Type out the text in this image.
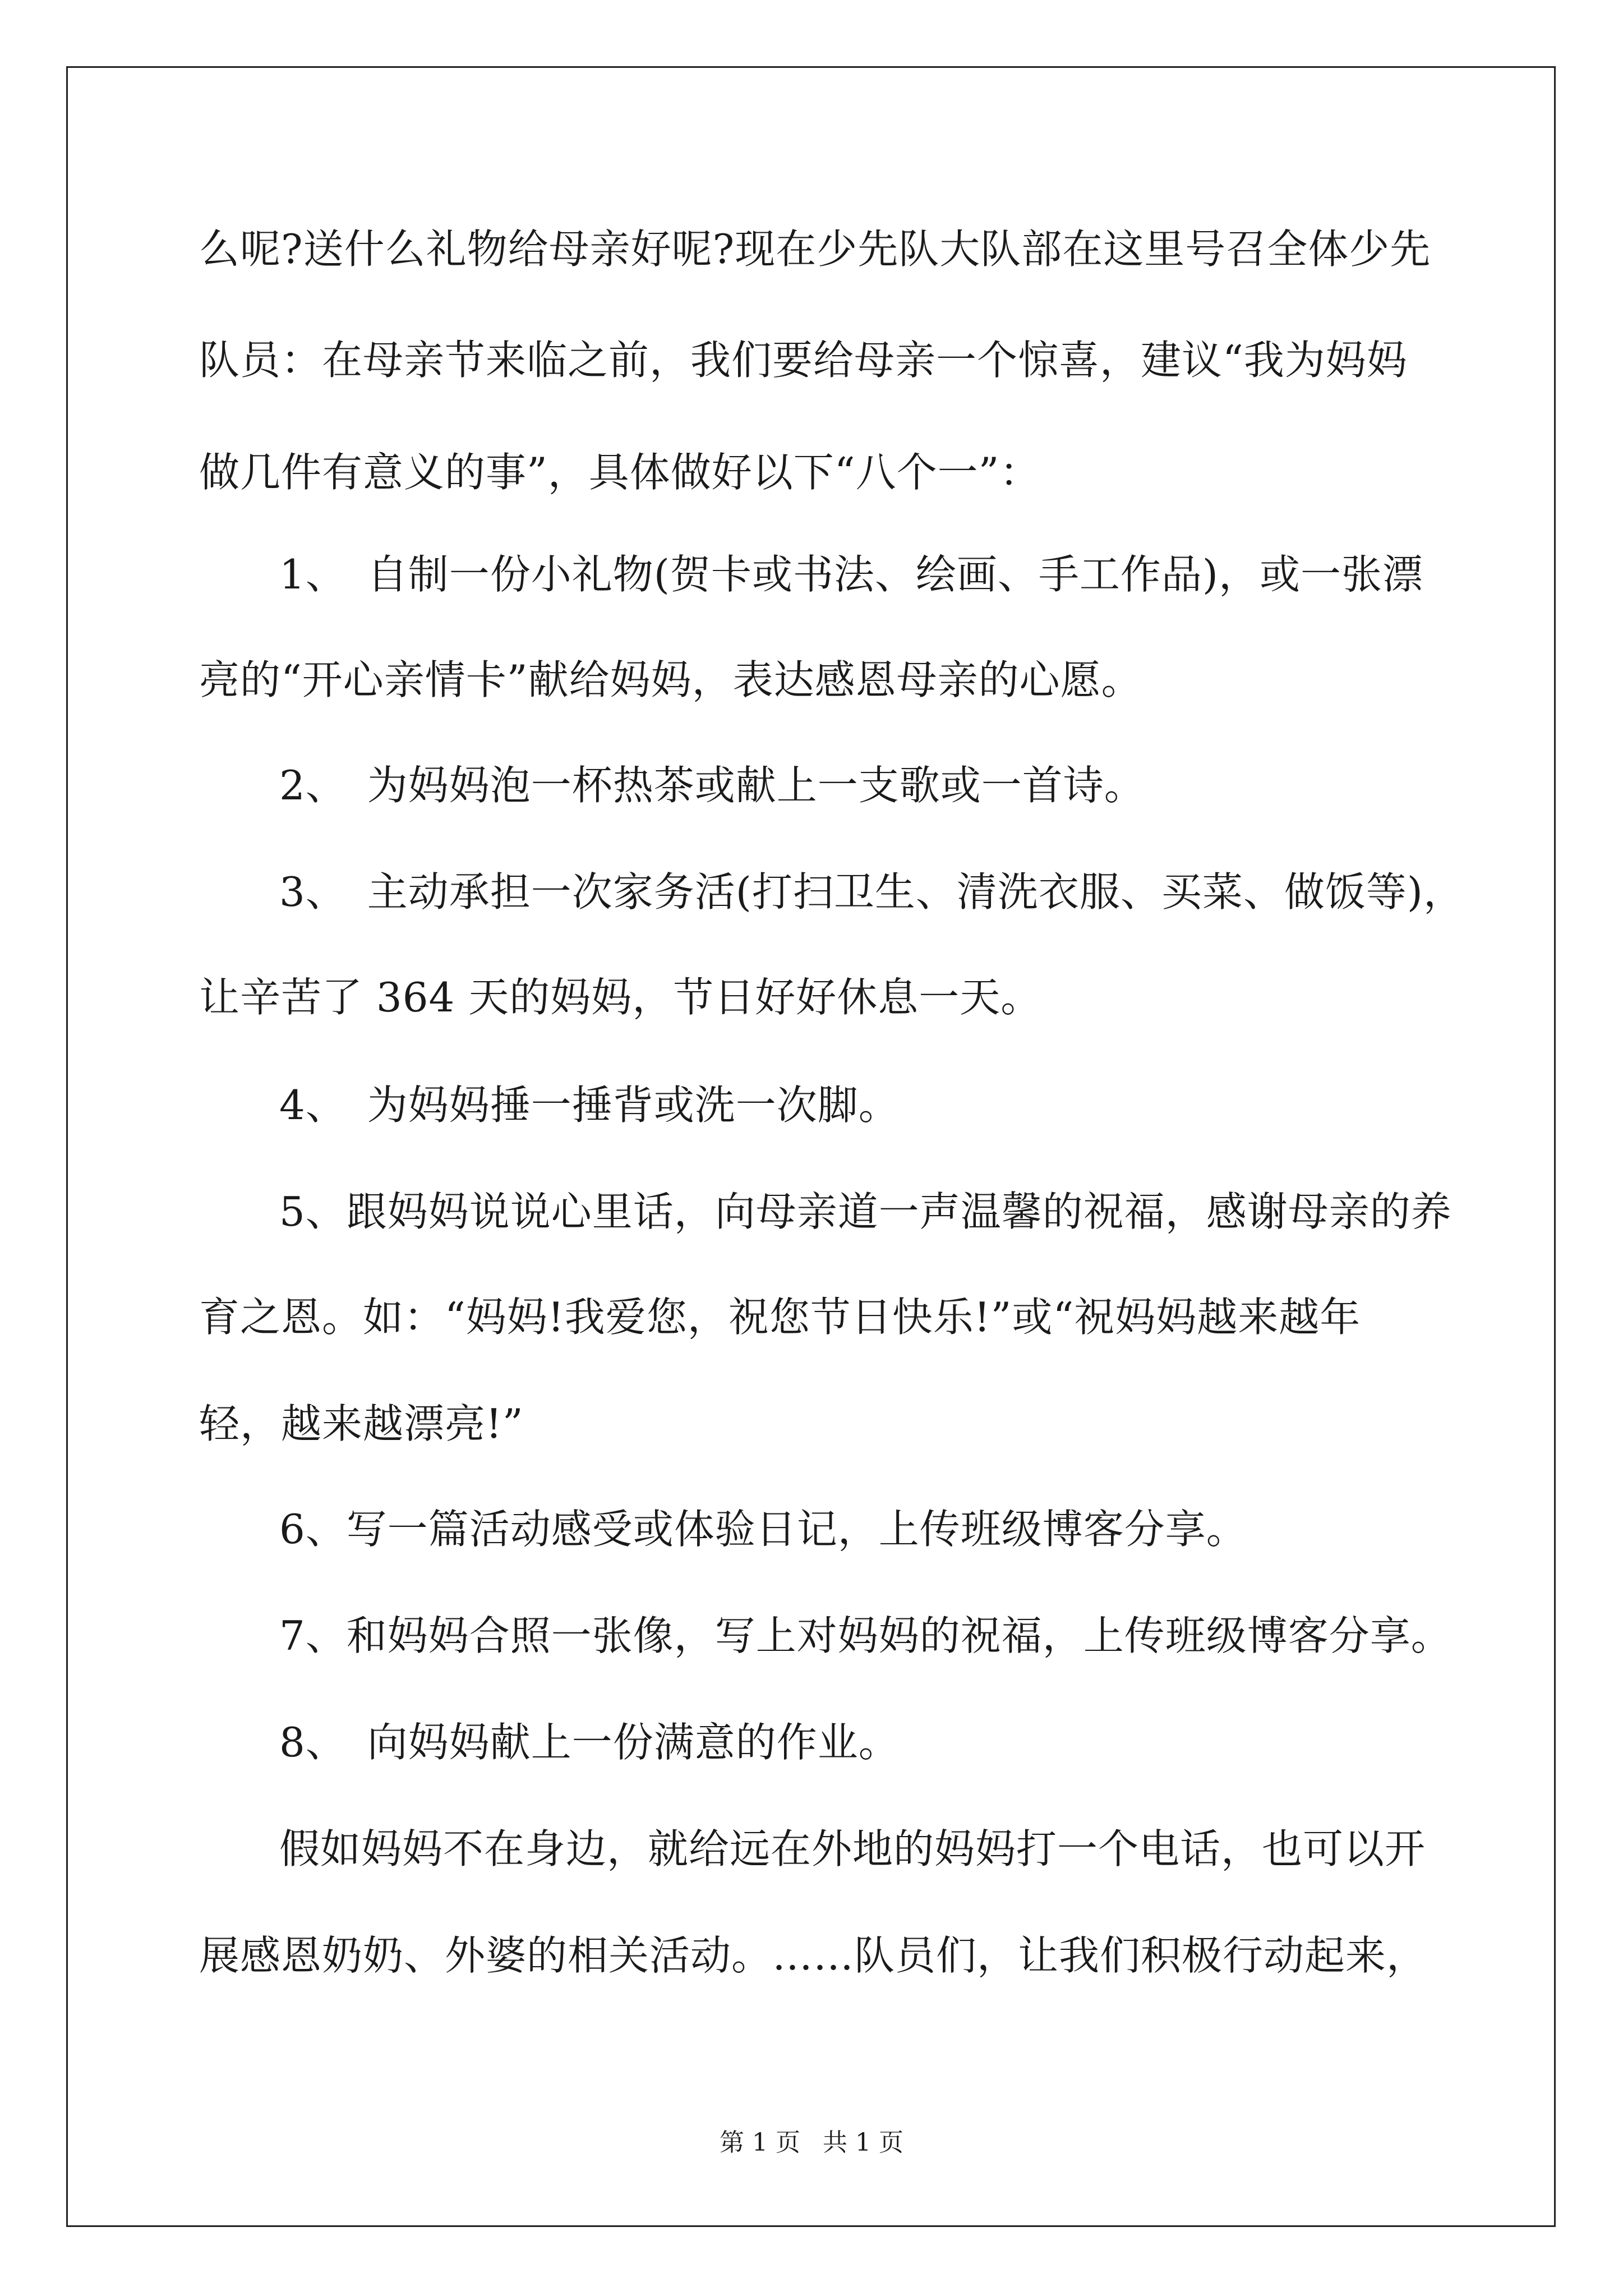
么呢?送什么礼物给母亲好呢?现在少先队大队部在这里号召全体少先
队员：在母亲节来临之前，我们要给母亲一个惊喜，建议“我为妈妈
做几件有意义的事”，具体做好以下“八个一”：
1、　自制一份小礼物(贺卡或书法、绘画、手工作品)，或一张漂
亮的“开心亲情卡”献给妈妈，表达感恩母亲的心愿。
2、　为妈妈泡一杯热茶或献上一支歌或一首诗。
3、　主动承担一次家务活(打扫卫生、清洗衣服、买菜、做饭等)，
让辛苦了 364 天的妈妈，节日好好休息一天。
4、　为妈妈捶一捶背或洗一次脚。
5、跟妈妈说说心里话，向母亲道一声温馨的祝福，感谢母亲的养
育之恩。如：“妈妈!我爱您，祝您节日快乐!”或“祝妈妈越来越年
轻，越来越漂亮!”
6、写一篇活动感受或体验日记，上传班级博客分享。
7、和妈妈合照一张像，写上对妈妈的祝福，上传班级博客分享。
8、　向妈妈献上一份满意的作业。
假如妈妈不在身边，就给远在外地的妈妈打一个电话，也可以开
展感恩奶奶、外婆的相关活动。……队员们，让我们积极行动起来，
第 1 页 共 1 页
